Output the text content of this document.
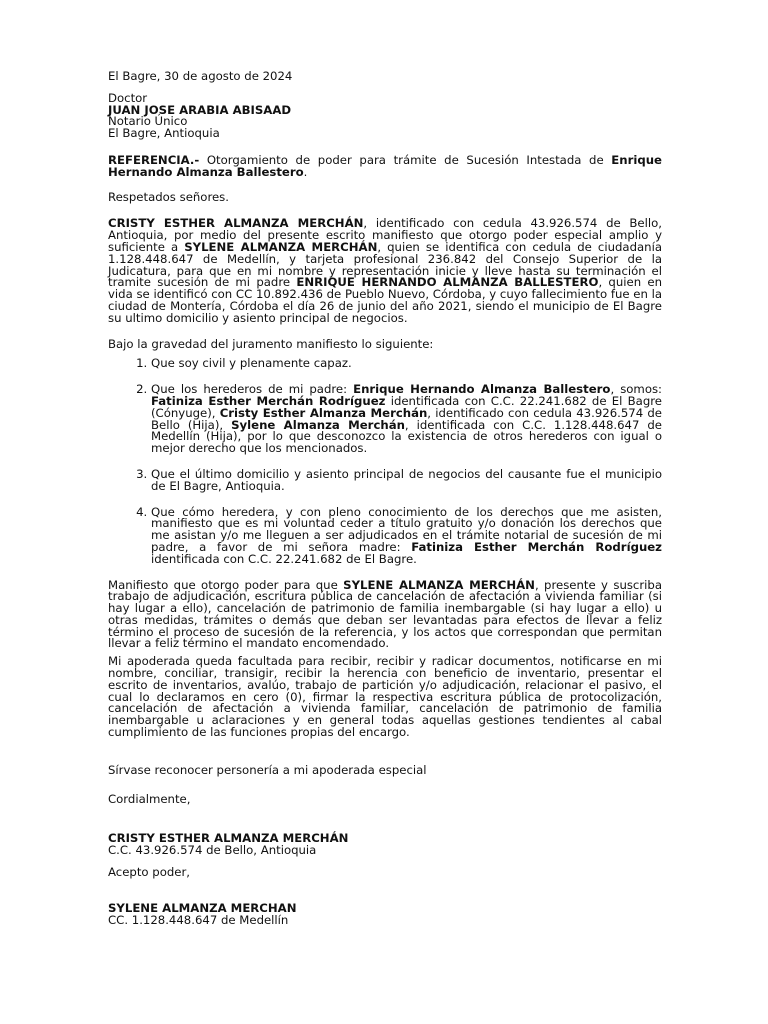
El Bagre, 30 de agosto de 2024

Doctor

JUAN JOSE ARABIA ABISAAD

Notario Único

El Bagre, Antioquia

REFERENCIA.- Otorgamiento de poder para trámite de Sucesión Intestada de Enrique Hernando Almanza Ballestero.

Respetados señores.

CRISTY ESTHER ALMANZA MERCHÁN, identificado con cedula 43.926.574 de Bello, Antioquia, por medio del presente escrito manifiesto que otorgo poder especial amplio y suficiente a SYLENE ALMANZA MERCHÁN, quien se identifica con cedula de ciudadanía 1.128.448.647 de Medellín, y tarjeta profesional 236.842 del Consejo Superior de la Judicatura, para que en mi nombre y representación inicie y lleve hasta su terminación el tramite sucesión de mi padre ENRIQUE HERNANDO ALMANZA BALLESTERO, quien en vida se identificó con CC 10.892.436 de Pueblo Nuevo, Córdoba, y cuyo fallecimiento fue en la ciudad de Montería, Córdoba el día 26 de junio del año 2021, siendo el municipio de El Bagre su ultimo domicilio y asiento principal de negocios.

Bajo la gravedad del juramento manifiesto lo siguiente:

1. Que soy civil y plenamente capaz.
2. Que los herederos de mi padre: Enrique Hernando Almanza Ballestero, somos: Fatiniza Esther Merchán Rodríguez identificada con C.C. 22.241.682 de El Bagre (Cónyuge), Cristy Esther Almanza Merchán, identificado con cedula 43.926.574 de Bello (Hija), Sylene Almanza Merchán, identificada con C.C. 1.128.448.647 de Medellín (Hija), por lo que desconozco la existencia de otros herederos con igual o mejor derecho que los mencionados.
3. Que el último domicilio y asiento principal de negocios del causante fue el municipio de El Bagre, Antioquia.
4. Que cómo heredera, y con pleno conocimiento de los derechos que me asisten, manifiesto que es mi voluntad ceder a título gratuito y/o donación los derechos que me asistan y/o me lleguen a ser adjudicados en el trámite notarial de sucesión de mi padre, a favor de mi señora madre: Fatiniza Esther Merchán Rodríguez identificada con C.C. 22.241.682 de El Bagre.

Manifiesto que otorgo poder para que SYLENE ALMANZA MERCHÁN, presente y suscriba trabajo de adjudicación, escritura pública de cancelación de afectación a vivienda familiar (si hay lugar a ello), cancelación de patrimonio de familia inembargable (si hay lugar a ello) u otras medidas, trámites o demás que deban ser levantadas para efectos de llevar a feliz término el proceso de sucesión de la referencia, y los actos que correspondan que permitan llevar a feliz término el mandato encomendado.

Mi apoderada queda facultada para recibir, recibir y radicar documentos, notificarse en mi nombre, conciliar, transigir, recibir la herencia con beneficio de inventario, presentar el escrito de inventarios, avalúo, trabajo de partición y/o adjudicación, relacionar el pasivo, el cual lo declaramos en cero (0), firmar la respectiva escritura pública de protocolización, cancelación de afectación a vivienda familiar, cancelación de patrimonio de familia inembargable u aclaraciones y en general todas aquellas gestiones tendientes al cabal cumplimiento de las funciones propias del encargo.

Sírvase reconocer personería a mi apoderada especial

Cordialmente,

CRISTY ESTHER ALMANZA MERCHÁN

C.C. 43.926.574 de Bello, Antioquia

Acepto poder,

SYLENE ALMANZA MERCHAN

CC. 1.128.448.647 de Medellín
